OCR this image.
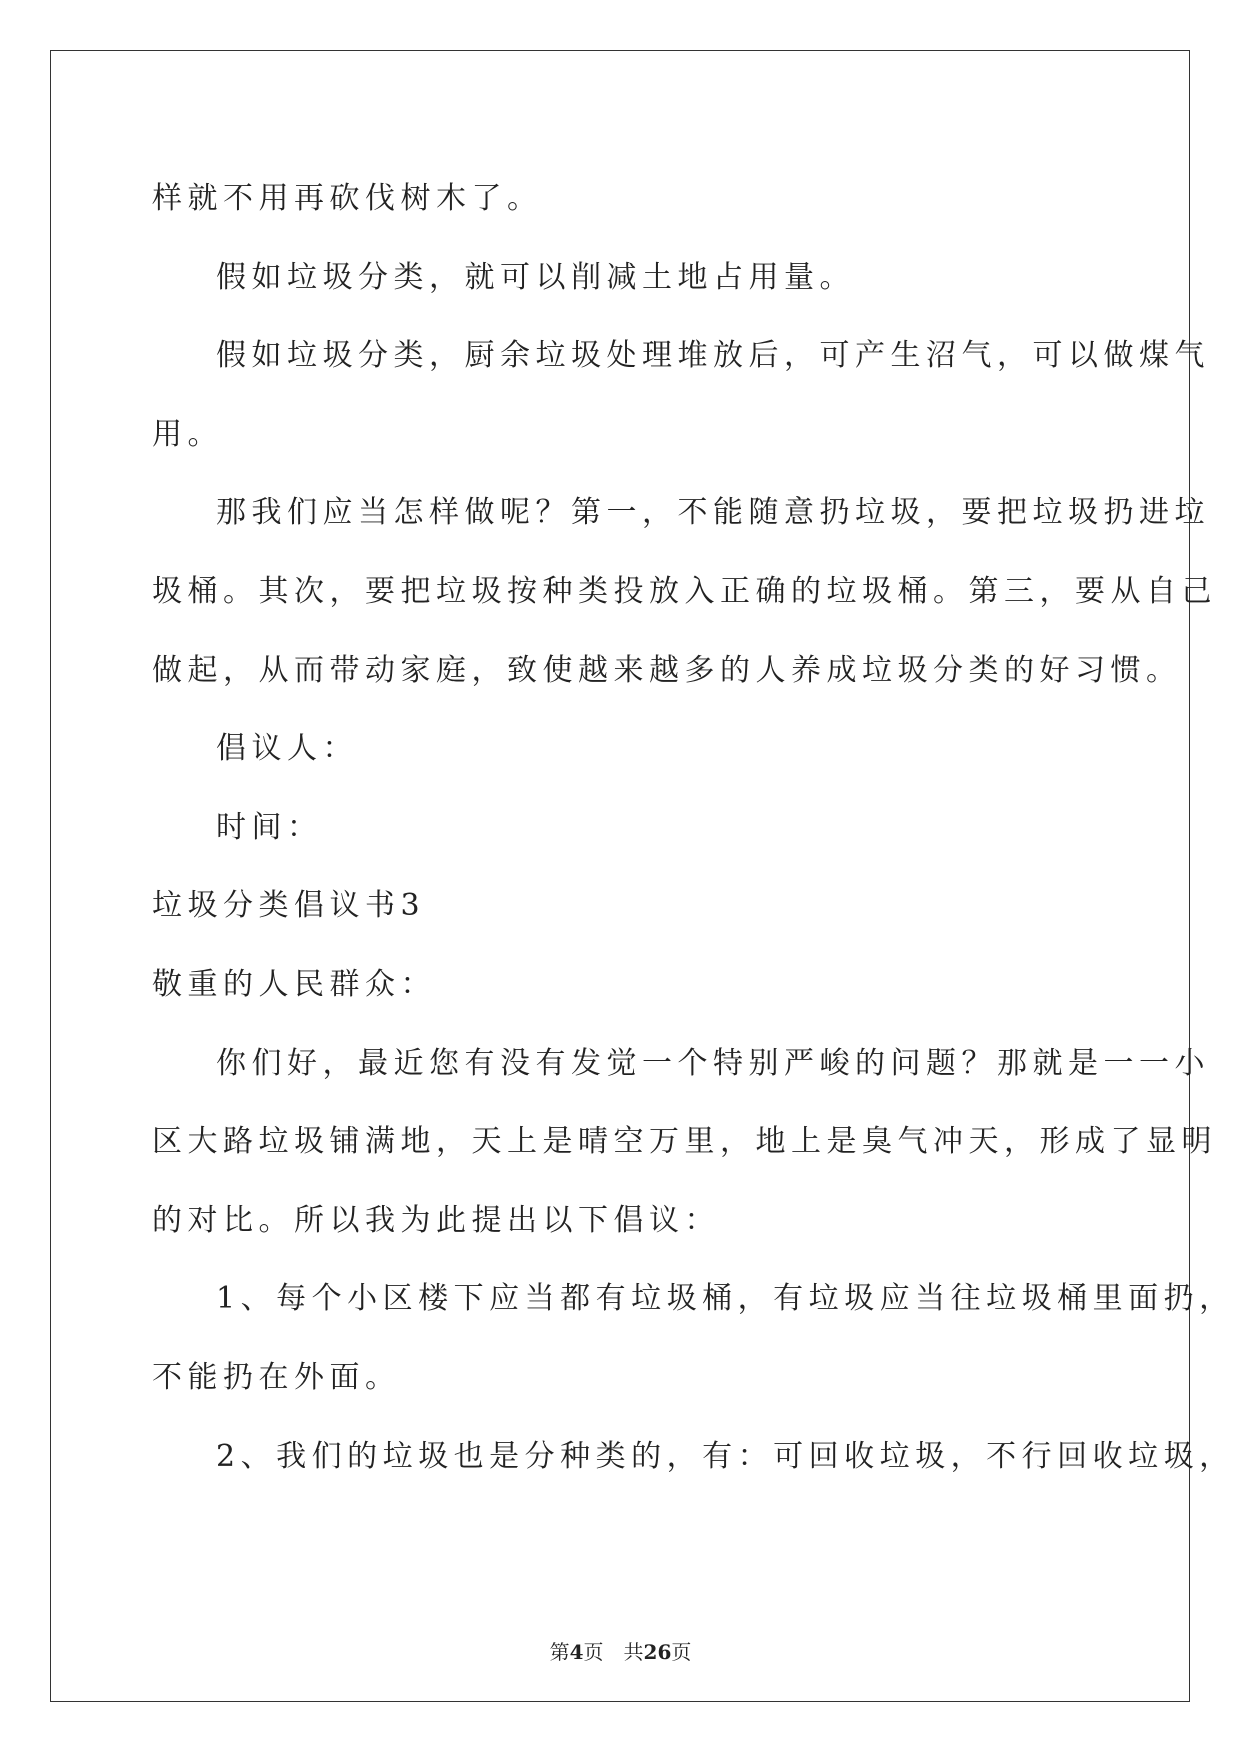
样就不用再砍伐树木了。
假如垃圾分类，就可以削减土地占用量。
假如垃圾分类，厨余垃圾处理堆放后，可产生沼气，可以做煤气
用。
那我们应当怎样做呢？第一，不能随意扔垃圾，要把垃圾扔进垃
圾桶。其次，要把垃圾按种类投放入正确的垃圾桶。第三，要从自己
做起，从而带动家庭，致使越来越多的人养成垃圾分类的好习惯。
倡议人：
时间：
垃圾分类倡议书3
敬重的人民群众：
你们好，最近您有没有发觉一个特别严峻的问题？那就是一一小
区大路垃圾铺满地，天上是晴空万里，地上是臭气冲天，形成了显明
的对比。所以我为此提出以下倡议：
1、每个小区楼下应当都有垃圾桶，有垃圾应当往垃圾桶里面扔，
不能扔在外面。
2、我们的垃圾也是分种类的，有：可回收垃圾，不行回收垃圾，
第4页 共26页
